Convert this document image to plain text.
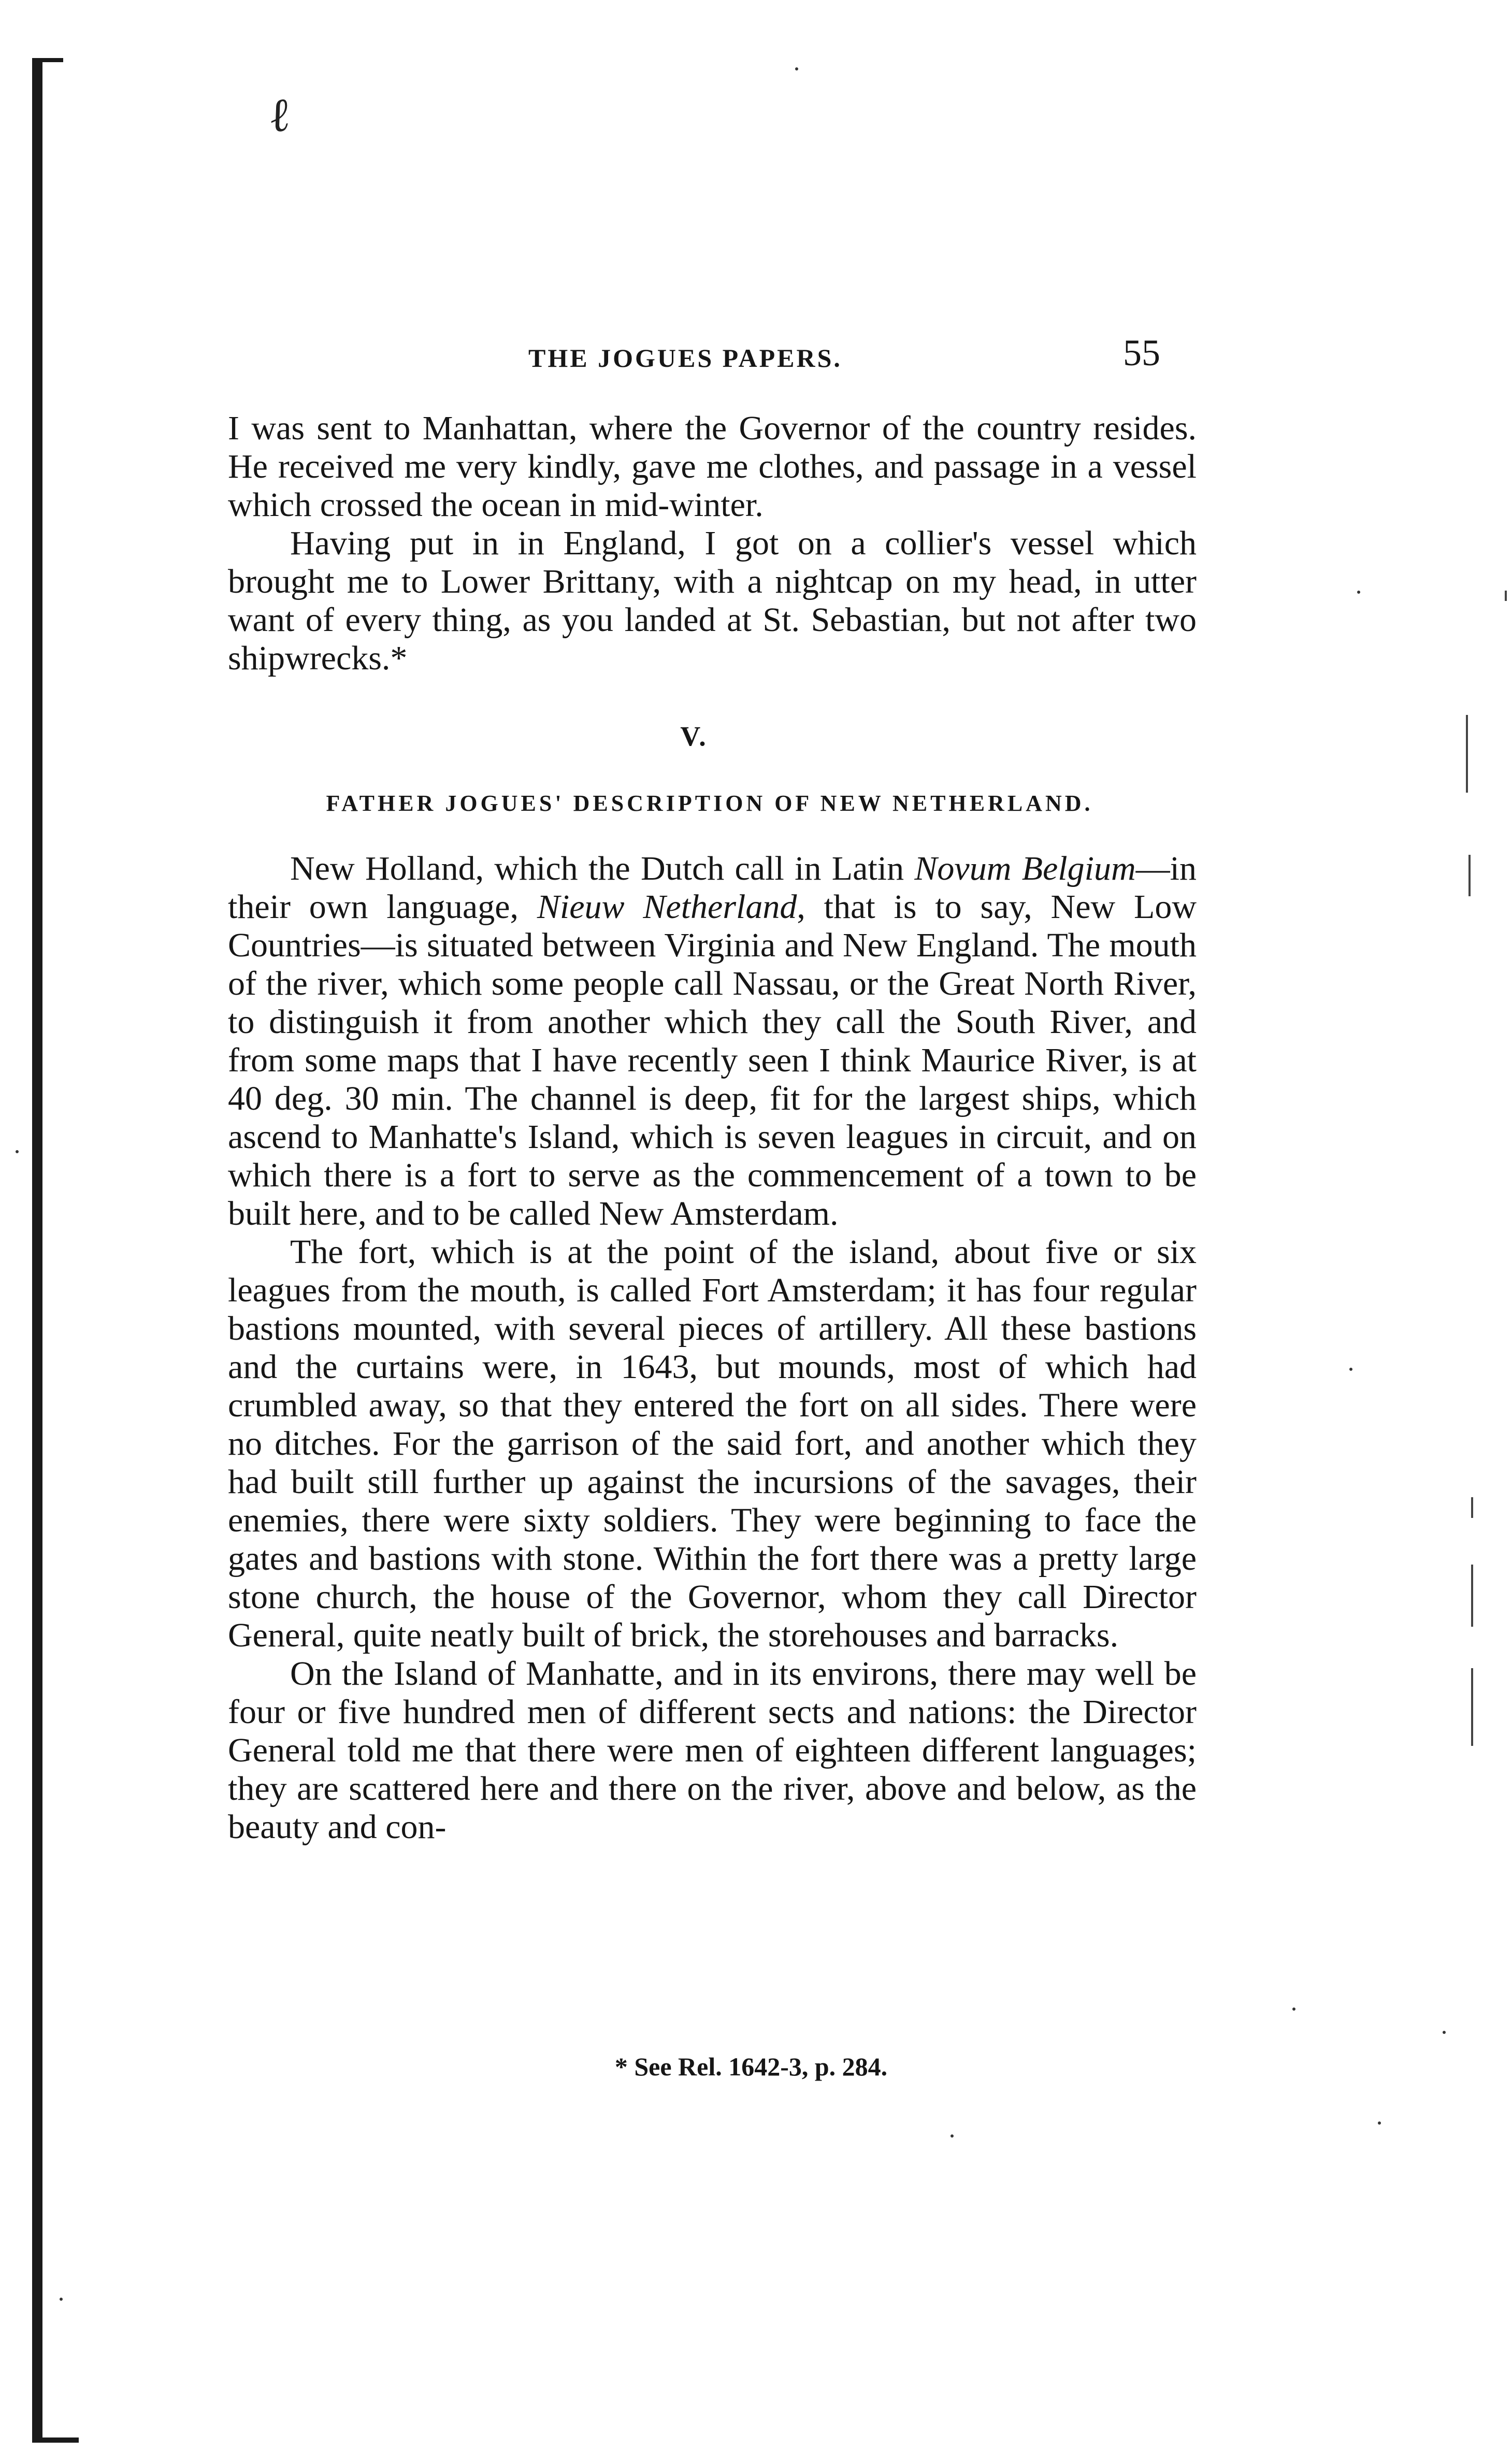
ℓ
THE JOGUES PAPERS.	55

I was sent to Manhattan, where the Governor of the country resides. He received me very kindly, gave me clothes, and passage in a vessel which crossed the ocean in mid-winter.

Having put in in England, I got on a collier's vessel which brought me to Lower Brittany, with a nightcap on my head, in utter want of every thing, as you landed at St. Sebastian, but not after two shipwrecks.*

V.
FATHER JOGUES' DESCRIPTION OF NEW NETHERLAND.

New Holland, which the Dutch call in Latin Novum Belgium—in their own language, Nieuw Netherland, that is to say, New Low Countries—is situated between Virginia and New England. The mouth of the river, which some people call Nassau, or the Great North River, to distinguish it from another which they call the South River, and from some maps that I have recently seen I think Maurice River, is at 40 deg. 30 min. The channel is deep, fit for the largest ships, which ascend to Manhatte's Island, which is seven leagues in circuit, and on which there is a fort to serve as the commencement of a town to be built here, and to be called New Amsterdam.

The fort, which is at the point of the island, about five or six leagues from the mouth, is called Fort Amsterdam; it has four regular bastions mounted, with several pieces of artillery. All these bastions and the curtains were, in 1643, but mounds, most of which had crumbled away, so that they entered the fort on all sides. There were no ditches. For the garrison of the said fort, and another which they had built still further up against the incursions of the savages, their enemies, there were sixty soldiers. They were beginning to face the gates and bastions with stone. Within the fort there was a pretty large stone church, the house of the Governor, whom they call Director General, quite neatly built of brick, the storehouses and barracks.

On the Island of Manhatte, and in its environs, there may well be four or five hundred men of different sects and nations: the Director General told me that there were men of eighteen different languages; they are scattered here and there on the river, above and below, as the beauty and con-

* See Rel. 1642-3, p. 284.
